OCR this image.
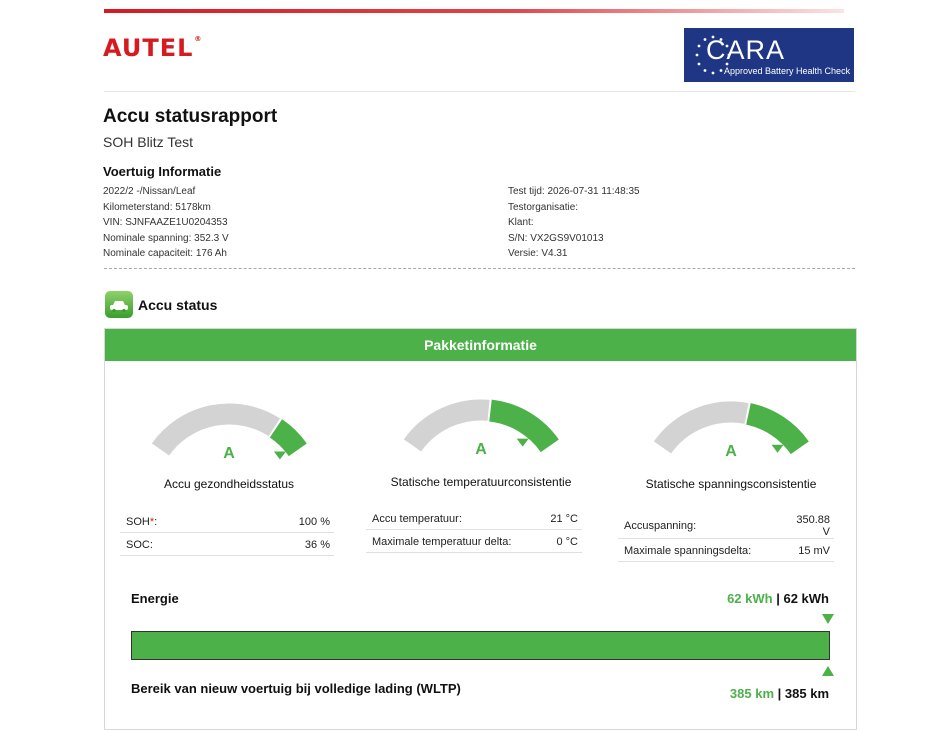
AUTEL®	CARA
Approved Battery Health Check
Accu statusrapport
SOH Blitz Test
Voertuig Informatie
2022/2 -/Nissan/Leaf
Kilometerstand: 5178km
VIN: SJNFAAZE1U0204353
Nominale spanning: 352.3 V
Nominale capaciteit: 176 Ah
Test tijd: 2026-07-31 11:48:35
Testorganisatie:
Klant:
S/N: VX2GS9V01013
Versie: V4.31
Accu status
Pakketinformatie
A
Accu gezondheidsstatus
SOH*:	100 %
SOC:	36 %
A
Statische temperatuurconsistentie
Accu temperatuur:	21 °C
Maximale temperatuur delta:	0 °C
A
Statische spanningsconsistentie
Accuspanning:	350.88 V
Maximale spanningsdelta:	15 mV
Energie	62 kWh | 62 kWh
Bereik van nieuw voertuig bij volledige lading (WLTP)	385 km | 385 km
